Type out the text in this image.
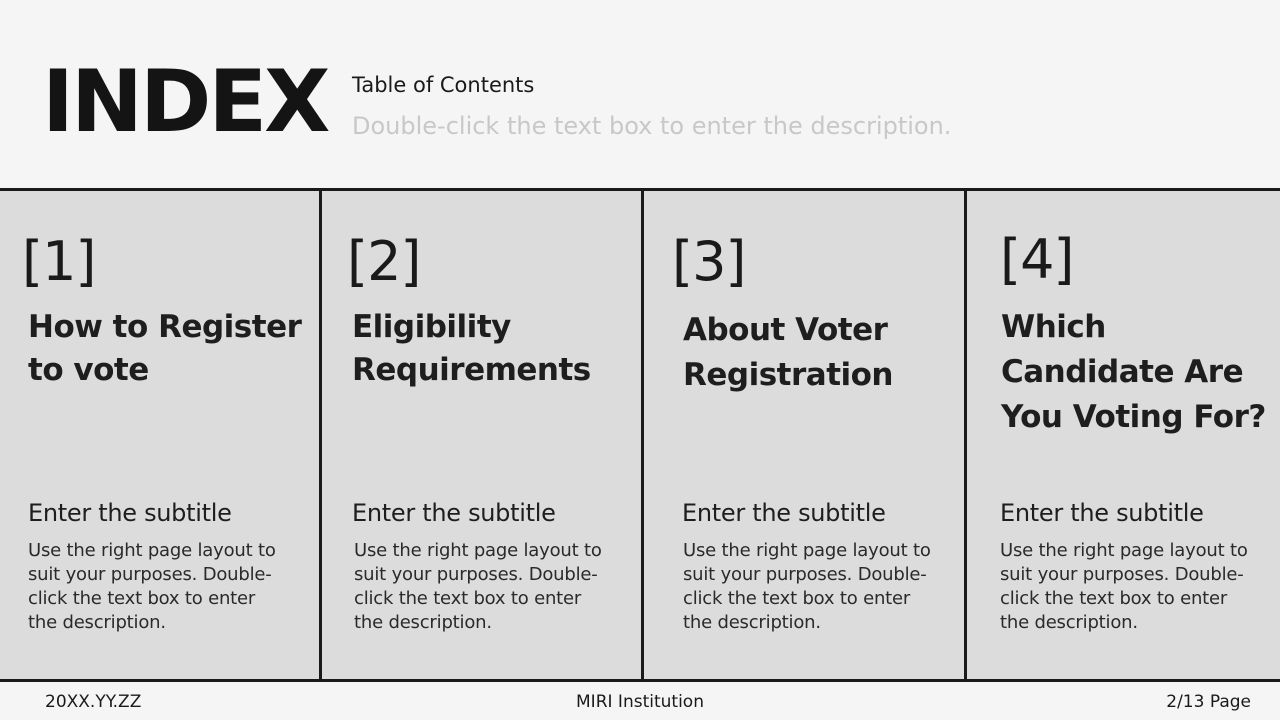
INDEX Table of Contents
Double-click the text box to enter the description.
[1]
How to Register to vote
Enter the subtitle
Use the right page layout to suit your purposes. Double-click the text box to enter the description.
[2]
Eligibility Requirements
Enter the subtitle
Use the right page layout to suit your purposes. Double-click the text box to enter the description.
[3]
About Voter Registration
Enter the subtitle
Use the right page layout to suit your purposes. Double-click the text box to enter the description.
[4]
Which Candidate Are You Voting For?
Enter the subtitle
Use the right page layout to suit your purposes. Double-click the text box to enter the description.
20XX.YY.ZZ	MIRI Institution	2/13 Page
